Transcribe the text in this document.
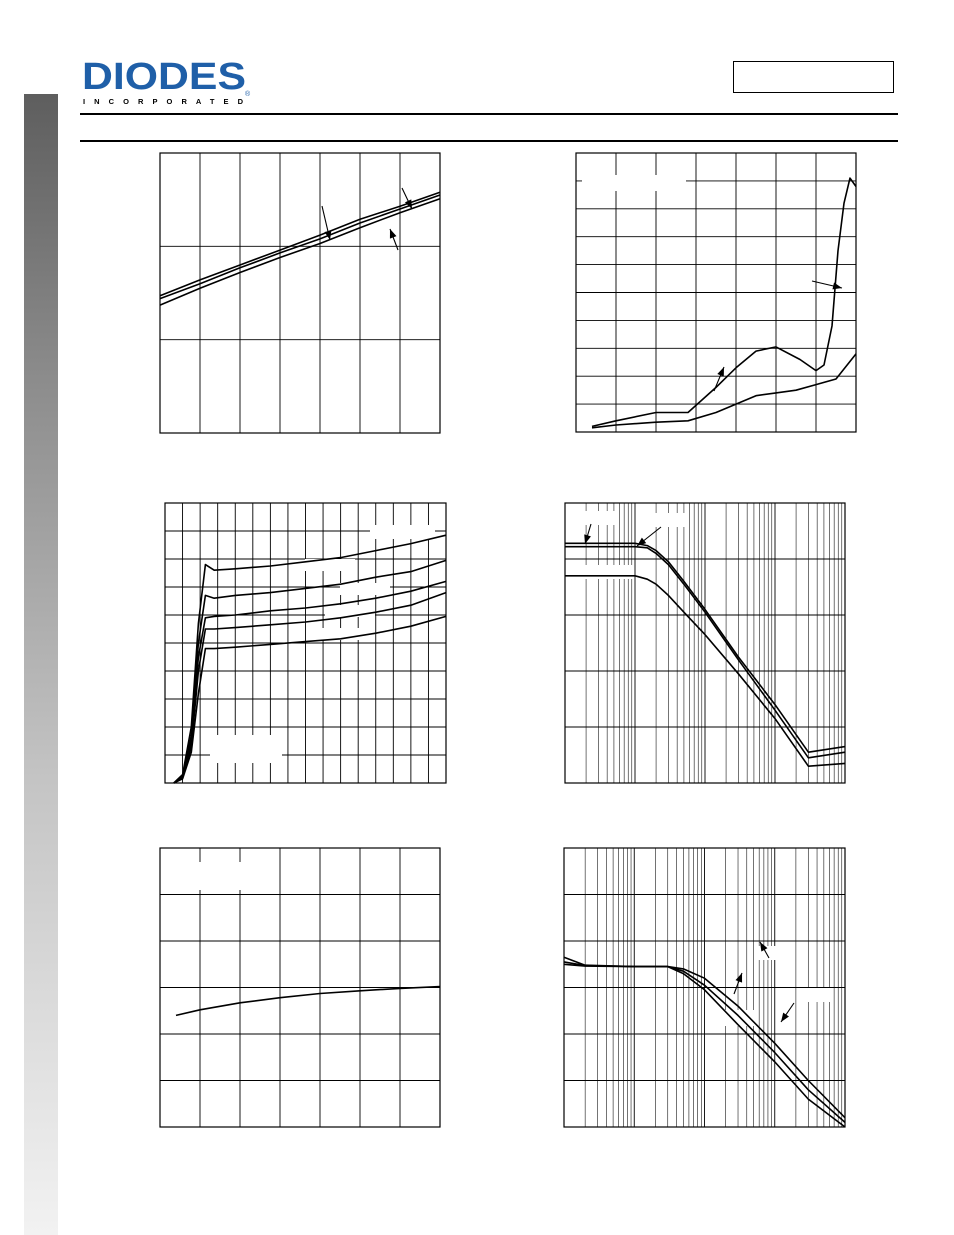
DIODES
INCORPORATED
®
